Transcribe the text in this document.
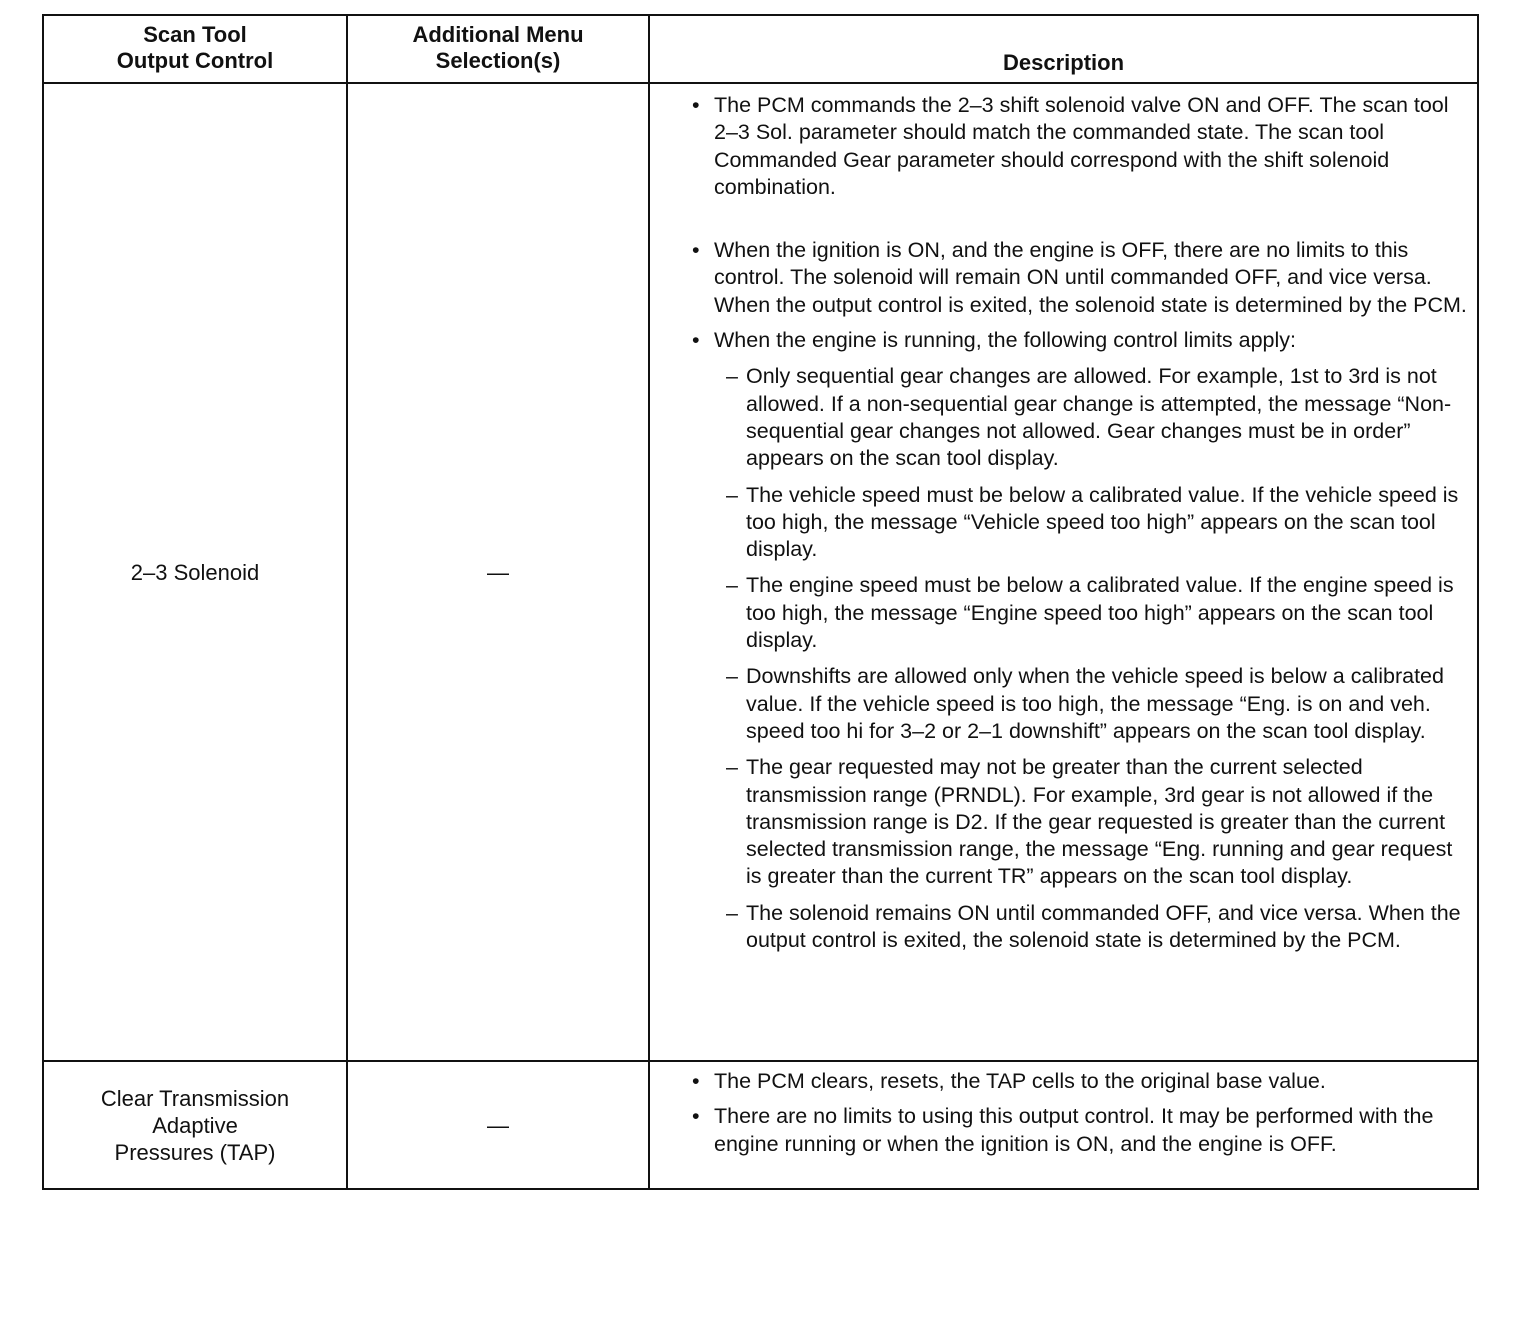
Scan Tool
Output Control
Additional Menu
Selection(s)	Description
2–3 Solenoid	—
• The PCM commands the 2–3 shift solenoid valve ON and OFF. The scan tool 2–3 Sol. parameter should match the commanded state. The scan tool Commanded Gear parameter should correspond with the shift solenoid combination.
• When the ignition is ON, and the engine is OFF, there are no limits to this control. The solenoid will remain ON until commanded OFF, and vice versa. When the output control is exited, the solenoid state is determined by the PCM.
• When the engine is running, the following control limits apply:
– Only sequential gear changes are allowed. For example, 1st to 3rd is not allowed. If a non-sequential gear change is attempted, the message “Non-sequential gear changes not allowed. Gear changes must be in order” appears on the scan tool display.
– The vehicle speed must be below a calibrated value. If the vehicle speed is too high, the message “Vehicle speed too high” appears on the scan tool display.
– The engine speed must be below a calibrated value. If the engine speed is too high, the message “Engine speed too high” appears on the scan tool display.
– Downshifts are allowed only when the vehicle speed is below a calibrated value. If the vehicle speed is too high, the message “Eng. is on and veh. speed too hi for 3–2 or 2–1 downshift” appears on the scan tool display.
– The gear requested may not be greater than the current selected transmission range (PRNDL). For example, 3rd gear is not allowed if the transmission range is D2. If the gear requested is greater than the current selected transmission range, the message “Eng. running and gear request is greater than the current TR” appears on the scan tool display.
– The solenoid remains ON until commanded OFF, and vice versa. When the output control is exited, the solenoid state is determined by the PCM.
Clear Transmission
Adaptive
Pressures (TAP)
—
• The PCM clears, resets, the TAP cells to the original base value.
• There are no limits to using this output control. It may be performed with the engine running or when the ignition is ON, and the engine is OFF.
